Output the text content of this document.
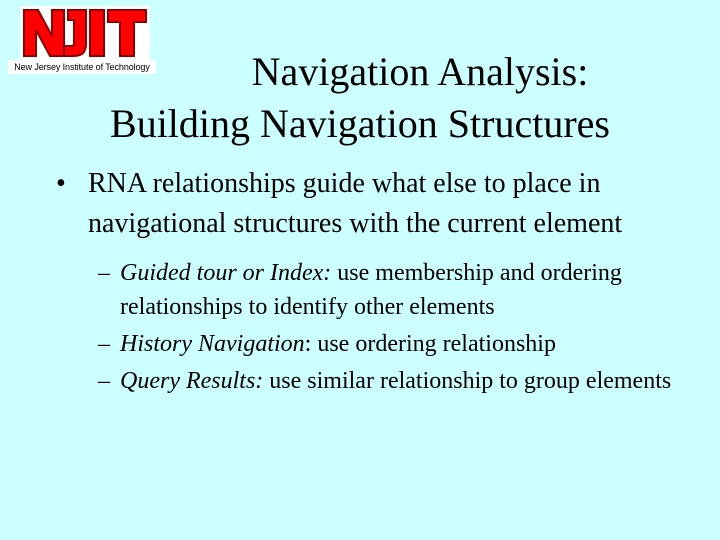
New Jersey Institute of Technology	Navigation Analysis:
Building Navigation Structures

• RNA relationships guide what else to place in navigational structures with the current element

– Guided tour or Index: use membership and ordering relationships to identify other elements
– History Navigation: use ordering relationship
– Query Results: use similar relationship to group elements
